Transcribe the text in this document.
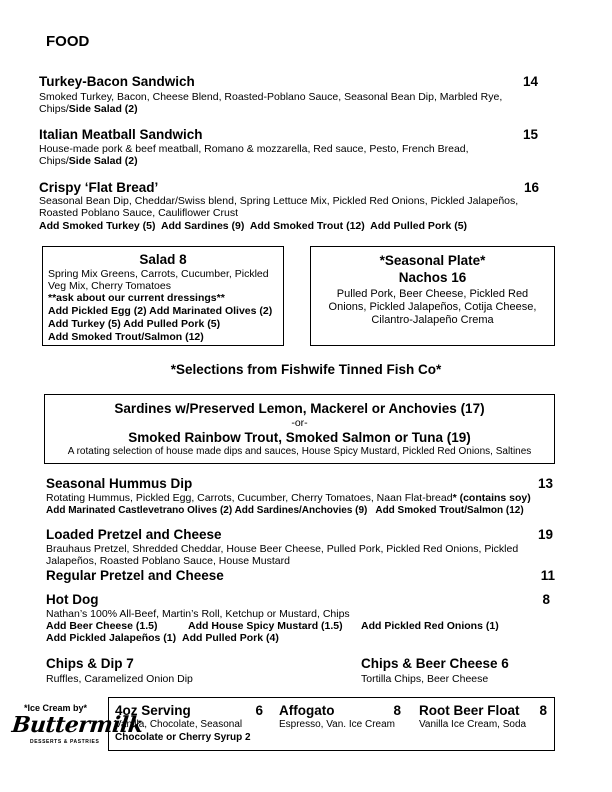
FOOD
Turkey-Bacon Sandwich	14
Smoked Turkey, Bacon, Cheese Blend, Roasted-Poblano Sauce, Seasonal Bean Dip, Marbled Rye,
Chips/Side Salad (2)
Italian Meatball Sandwich	15
House-made pork & beef meatball, Romano & mozzarella, Red sauce, Pesto, French Bread,
Chips/Side Salad (2)
Crispy ‘Flat Bread’	16
Seasonal Bean Dip, Cheddar/Swiss blend, Spring Lettuce Mix, Pickled Red Onions, Pickled Jalapeños,
Roasted Poblano Sauce, Cauliflower Crust
Add Smoked Turkey (5)  Add Sardines (9)  Add Smoked Trout (12)  Add Pulled Pork (5)
Salad 8
Spring Mix Greens, Carrots, Cucumber, Pickled
Veg Mix, Cherry Tomatoes
**ask about our current dressings**
Add Pickled Egg (2) Add Marinated Olives (2)
Add Turkey (5) Add Pulled Pork (5)
Add Smoked Trout/Salmon (12)
*Seasonal Plate*
Nachos 16
Pulled Pork, Beer Cheese, Pickled Red
Onions, Pickled Jalapeños, Cotija Cheese,
Cilantro-Jalapeño Crema
*Selections from Fishwife Tinned Fish Co*
Sardines w/Preserved Lemon, Mackerel or Anchovies (17)
-or-
Smoked Rainbow Trout, Smoked Salmon or Tuna (19)
A rotating selection of house made dips and sauces, House Spicy Mustard, Pickled Red Onions, Saltines
Seasonal Hummus Dip	13
Rotating Hummus, Pickled Egg, Carrots, Cucumber, Cherry Tomatoes, Naan Flat-bread* (contains soy)
Add Marinated Castlevetrano Olives (2) Add Sardines/Anchovies (9)   Add Smoked Trout/Salmon (12)
Loaded Pretzel and Cheese	19
Brauhaus Pretzel, Shredded Cheddar, House Beer Cheese, Pulled Pork, Pickled Red Onions, Pickled
Jalapeños, Roasted Poblano Sauce, House Mustard
Regular Pretzel and Cheese	11
Hot Dog	8
Nathan’s 100% All-Beef, Martin’s Roll, Ketchup or Mustard, Chips
Add Beer Cheese (1.5)	Add House Spicy Mustard (1.5) Add Pickled Red Onions (1)
Add Pickled Jalapeños (1) Add Pulled Pork (4)
Chips & Dip 7
Ruffles, Caramelized Onion Dip
Chips & Beer Cheese 6
Tortilla Chips, Beer Cheese
*Ice Cream by*
Buttermilk
DESSERTS & PASTRIES
4oz Serving	6
Vanilla, Chocolate, Seasonal
Chocolate or Cherry Syrup 2
Affogato	8
Espresso, Van. Ice Cream
Root Beer Float	8
Vanilla Ice Cream, Soda
